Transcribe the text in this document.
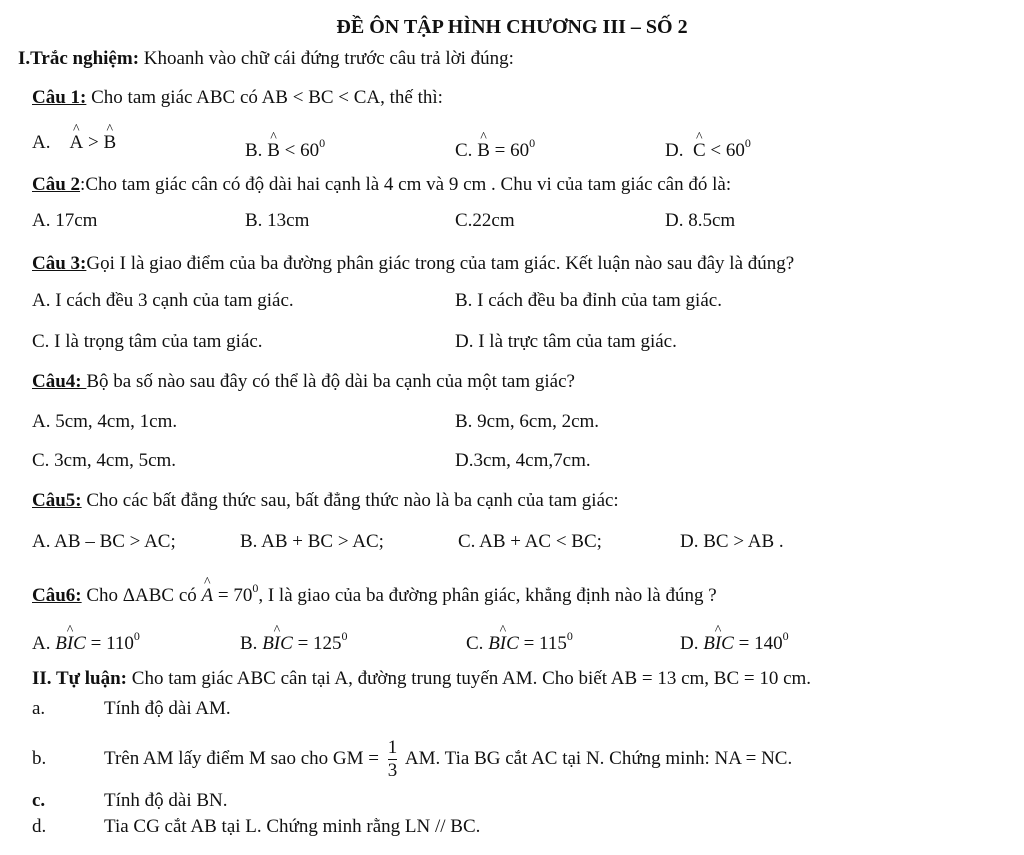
ĐỀ ÔN TẬP HÌNH CHƯƠNG III – SỐ 2
I.Trắc nghiệm: Khoanh vào chữ cái đứng trước câu trả lời đúng:
Câu 1: Cho tam giác ABC có AB < BC < CA, thế thì:
A. ^ A > ^ B	B. ^ $B < 60^0$	C. ^ $B = 60^0$	D. ^ $C < 60^0$
Câu 2:Cho tam giác cân có độ dài hai cạnh là 4 cm và 9 cm . Chu vi của tam giác cân đó là:
A. 17cm	B. 13cm	C.22cm	D. 8.5cm
Câu 3:Gọi I là giao điểm của ba đường phân giác trong của tam giác. Kết luận nào sau đây là đúng?
A. I cách đều 3 cạnh của tam giác.	B. I cách đều ba đỉnh của tam giác.
C. I là trọng tâm của tam giác.	D. I là trực tâm của tam giác.
Câu4: Bộ ba số nào sau đây có thể là độ dài ba cạnh của một tam giác?
A. 5cm, 4cm, 1cm.	B. 9cm, 6cm, 2cm.
C. 3cm, 4cm, 5cm.	D.3cm, 4cm,7cm.
Câu5: Cho các bất đẳng thức sau, bất đẳng thức nào là ba cạnh của tam giác:
A. AB – BC > AC;	B. AB + BC > AC;	C. AB + AC < BC;	D. BC > AB .
Câu6: Cho ΔABC có ^ $A = 70^0$, I là giao của ba đường phân giác, khẳng định nào là đúng ?
A. B^ IC = $110^0$	B. B^ IC = $125^0$	C. B^ IC = $115^0$	D. B^ IC = $140^0$
II. Tự luận: Cho tam giác ABC cân tại A, đường trung tuyến AM. Cho biết AB = 13 cm, BC = 10 cm.
a.	Tính độ dài AM.
b.	Trên AM lấy điểm M sao cho GM = $\frac{1}{3}$ AM. Tia BG cắt AC tại N. Chứng minh: NA = NC.
c.	Tính độ dài BN.
d.	Tia CG cắt AB tại L. Chứng minh rằng LN // BC.
